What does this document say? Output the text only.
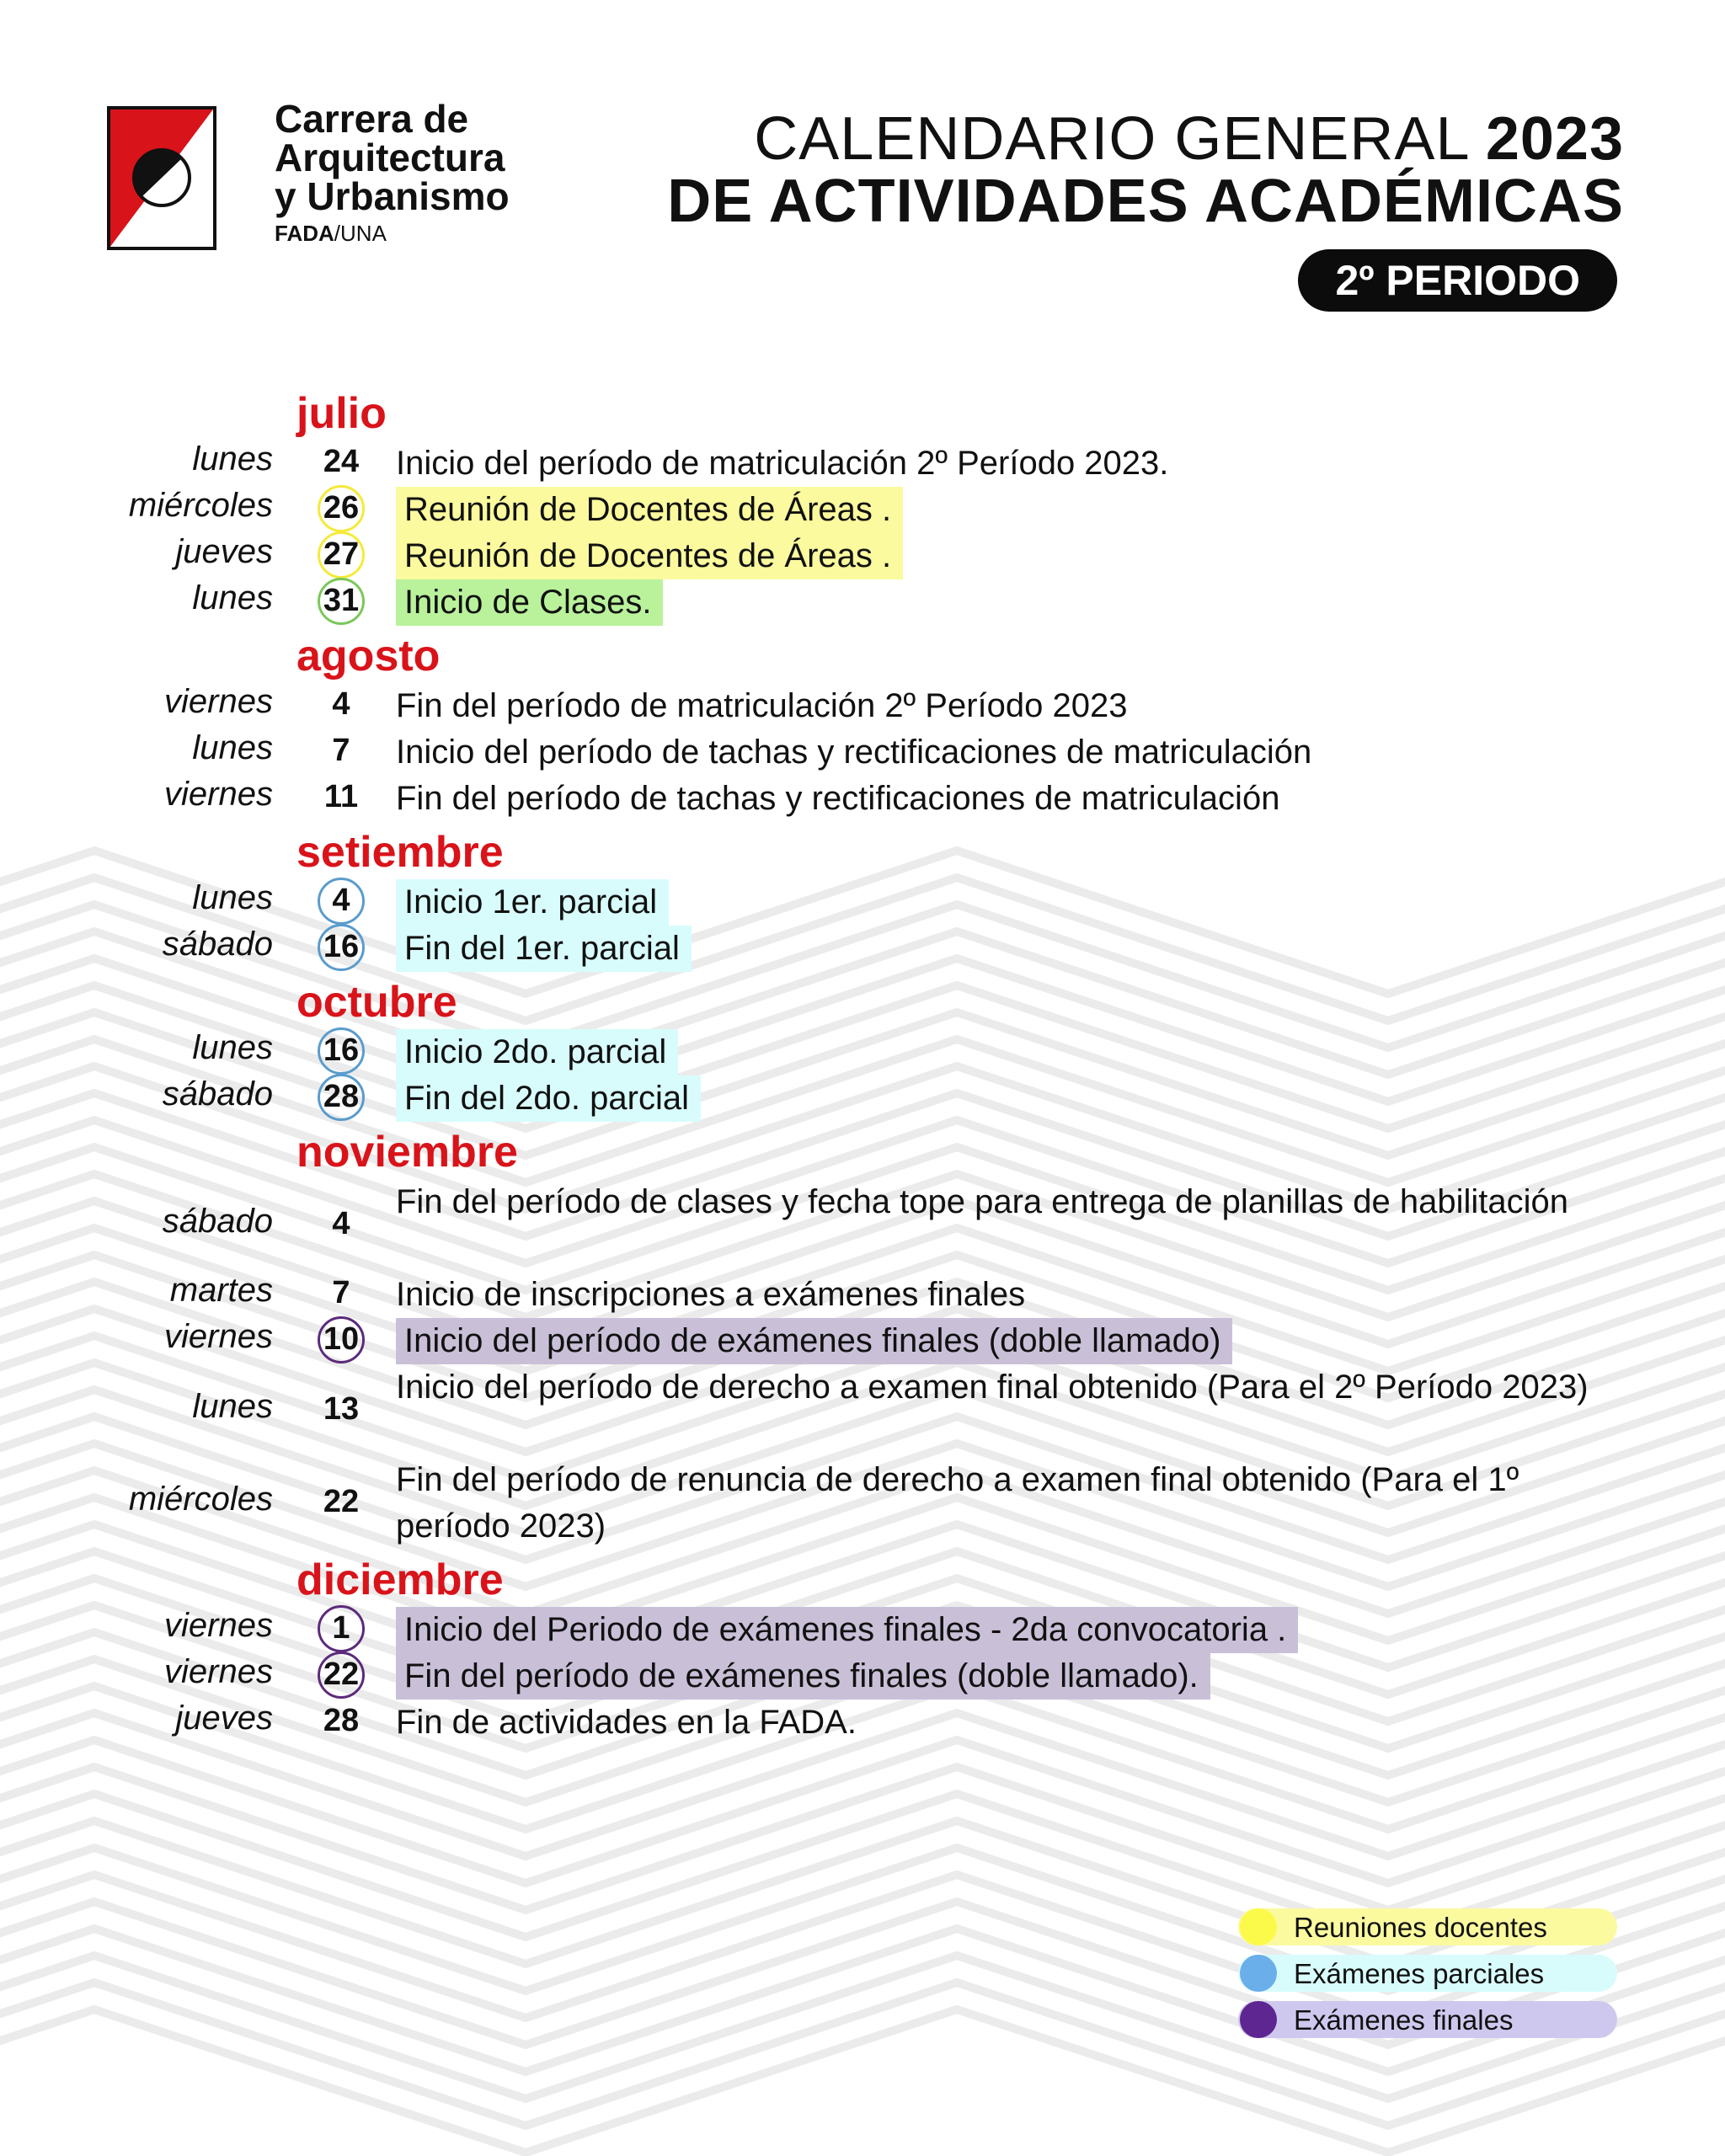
Carrera de
Arquitectura
y Urbanismo
FADA/UNA
CALENDARIO GENERAL 2023
DE ACTIVIDADES ACADÉMICAS
2º PERIODO
julio
lunes	24	Inicio del período de matriculación 2º Período 2023.
miércoles	26	Reunión de Docentes de Áreas .
jueves	27	Reunión de Docentes de Áreas .
lunes	31	Inicio de Clases.
agosto
viernes	4	Fin del período de matriculación 2º Período 2023
lunes	7	Inicio del período de tachas y rectificaciones de matriculación
viernes	11	Fin del período de tachas y rectificaciones de matriculación
setiembre
lunes	4	Inicio 1er. parcial
sábado	16	Fin del 1er. parcial
octubre
lunes	16	Inicio 2do. parcial
sábado	28	Fin del 2do. parcial
noviembre
sábado	4
Fin del período de clases y fecha tope para entrega de planillas de habilitación
martes	7	Inicio de inscripciones a exámenes finales
viernes	10	Inicio del período de exámenes finales (doble llamado)
lunes	13
Inicio del período de derecho a examen final obtenido (Para el 2º Período 2023)
miércoles	22
Fin del período de renuncia de derecho a examen final obtenido (Para el 1º período 2023)
diciembre
viernes	1	Inicio del Periodo de exámenes finales - 2da convocatoria .
viernes	22	Fin del período de exámenes finales (doble llamado).
jueves	28	Fin de actividades en la FADA.
Reuniones docentes
Exámenes parciales
Exámenes finales
